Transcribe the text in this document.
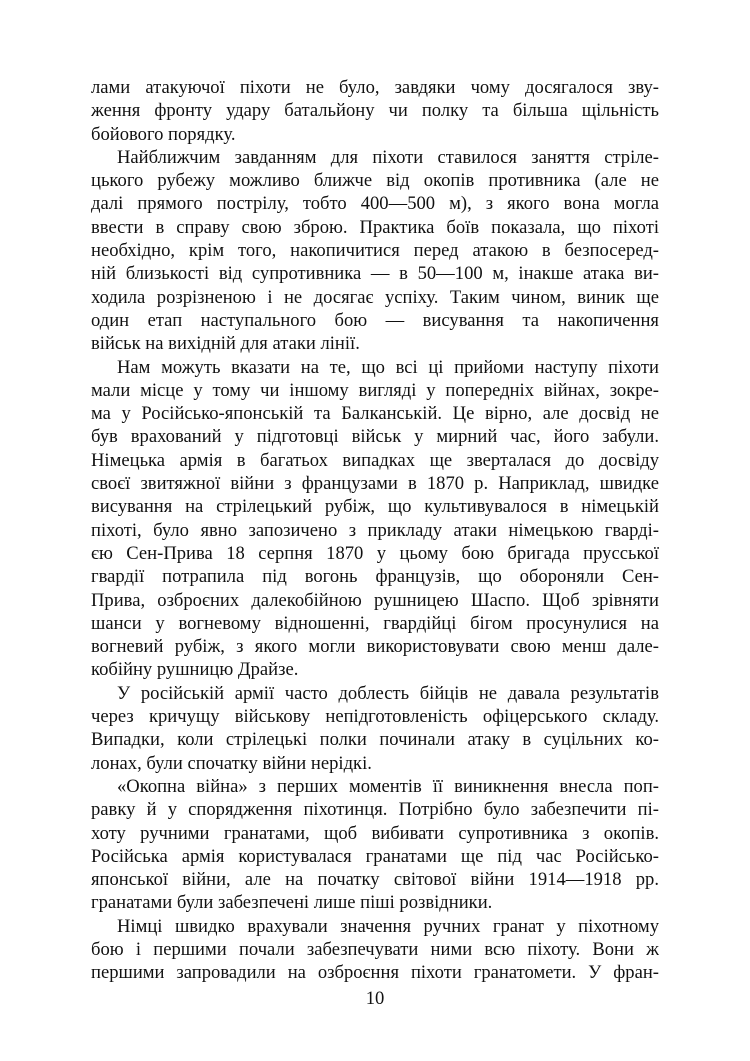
лами атакуючої піхоти не було, завдяки чому досягалося зву-
ження фронту удару батальйону чи полку та більша щільність
бойового порядку.
Найближчим завданням для піхоти ставилося заняття стріле-
цького рубежу можливо ближче від окопів противника (але не
далі прямого пострілу, тобто 400—500 м), з якого вона могла
ввести в справу свою зброю. Практика боїв показала, що піхоті
необхідно, крім того, накопичитися перед атакою в безпосеред-
ній близькості від супротивника — в 50—100 м, інакше атака ви-
ходила розрізненою і не досягає успіху. Таким чином, виник ще
один етап наступального бою — висування та накопичення
військ на вихідній для атаки лінії.
Нам можуть вказати на те, що всі ці прийоми наступу піхоти
мали місце у тому чи іншому вигляді у попередніх війнах, зокре-
ма у Російсько-японській та Балканській. Це вірно, але досвід не
був врахований у підготовці військ у мирний час, його забули.
Німецька армія в багатьох випадках ще зверталася до досвіду
своєї звитяжної війни з французами в 1870 р. Наприклад, швидке
висування на стрілецький рубіж, що культивувалося в німецькій
піхоті, було явно запозичено з прикладу атаки німецькою гварді-
єю Сен-Прива 18 серпня 1870 у цьому бою бригада прусської
гвардії потрапила під вогонь французів, що обороняли Сен-
Прива, озброєних далекобійною рушницею Шаспо. Щоб зрівняти
шанси у вогневому відношенні, гвардійці бігом просунулися на
вогневий рубіж, з якого могли використовувати свою менш дале-
кобійну рушницю Драйзе.
У російській армії часто доблесть бійців не давала результатів
через кричущу військову непідготовленість офіцерського складу.
Випадки, коли стрілецькі полки починали атаку в суцільних ко-
лонах, були спочатку війни нерідкі.
«Окопна війна» з перших моментів її виникнення внесла поп-
равку й у спорядження піхотинця. Потрібно було забезпечити пі-
хоту ручними гранатами, щоб вибивати супротивника з окопів.
Російська армія користувалася гранатами ще під час Російсько-
японської війни, але на початку світової війни 1914—1918 рр.
гранатами були забезпечені лише піші розвідники.
Німці швидко врахували значення ручних гранат у піхотному
бою і першими почали забезпечувати ними всю піхоту. Вони ж
першими запровадили на озброєння піхоти гранатомети. У фран-
10
